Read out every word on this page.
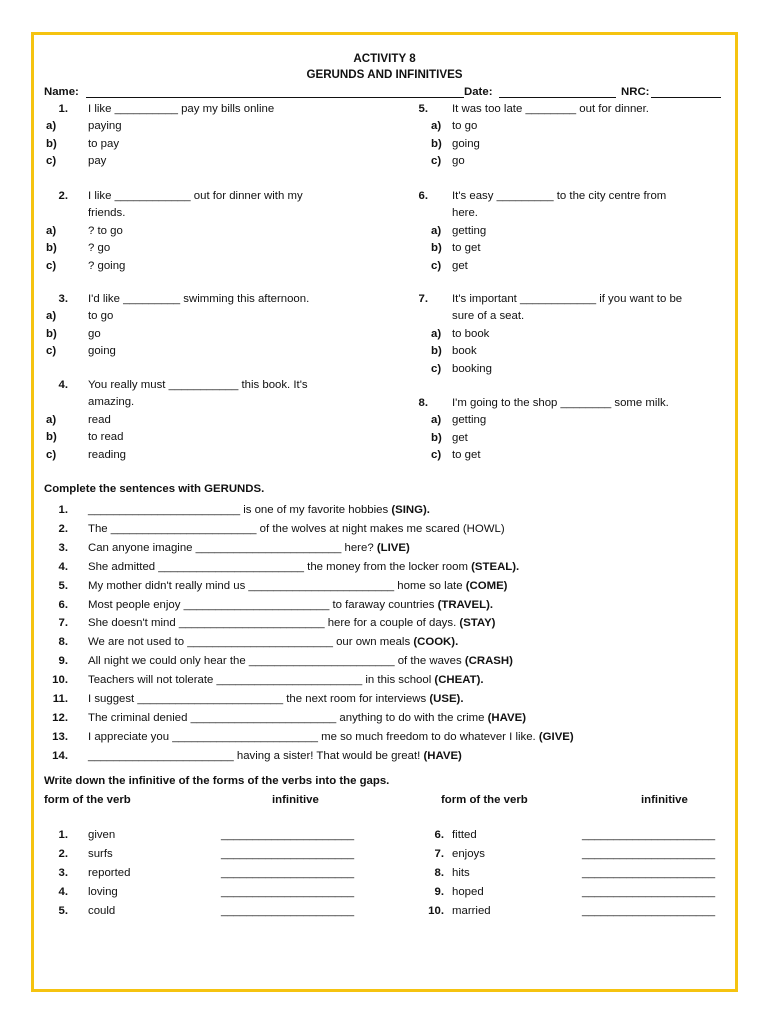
ACTIVITY 8
GERUNDS AND INFINITIVES
Name:	Date:	NRC:
1. I like __________ pay my bills online
a)	paying
b)	to pay
c)	pay
2. I like ____________ out for dinner with my
friends.
a)	? to go
b)	? go
c)	? going
3. I'd like _________ swimming this afternoon.
a)	to go
b)	go
c)	going
4. You really must ___________ this book. It's
amazing.
a)	read
b)	to read
c)	reading
5. It was too late ________ out for dinner.
a) to go
b) going
c) go
6. It's easy _________ to the city centre from
here.
a) getting
b) to get
c) get
7. It's important ____________ if you want to be
sure of a seat.
a) to book
b) book
c) booking
8. I'm going to the shop ________ some milk.
a) getting
b) get
c) to get
Complete the sentences with GERUNDS.
1. ________________________ is one of my favorite hobbies (SING).
2. The _______________________ of the wolves at night makes me scared (HOWL)
3. Can anyone imagine _______________________ here? (LIVE)
4. She admitted _______________________ the money from the locker room (STEAL).
5. My mother didn't really mind us _______________________ home so late (COME)
6. Most people enjoy _______________________ to faraway countries (TRAVEL).
7. She doesn't mind _______________________ here for a couple of days. (STAY)
8. We are not used to _______________________ our own meals (COOK).
9. All night we could only hear the _______________________ of the waves (CRASH)
10. Teachers will not tolerate _______________________ in this school (CHEAT).
11. I suggest _______________________ the next room for interviews (USE).
12. The criminal denied _______________________ anything to do with the crime (HAVE)
13. I appreciate you _______________________ me so much freedom to do whatever I like. (GIVE)
14. _______________________ having a sister! That would be great! (HAVE)
Write down the infinitive of the forms of the verbs into the gaps.
form of the verb	infinitive	form of the verb	infinitive
1. given	_____________________
2. surfs	_____________________
3. reported	_____________________
4. loving	_____________________
5. could	_____________________
6. fitted	_____________________
7. enjoys	_____________________
8. hits	_____________________
9. hoped	_____________________
10. married	_____________________
